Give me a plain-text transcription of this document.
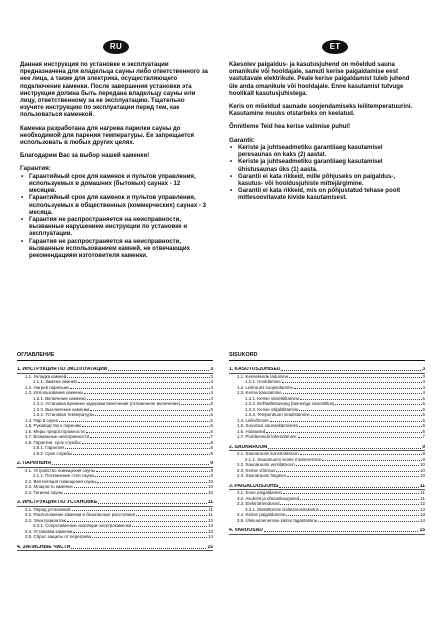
RU	ET

Данная инструкция по установке и эксплуатации предназначена для владельца сауны либо ответственного за нее лица, а также для электрика, осуществляющего подключение каменки. После завершения установки эта инструкция должна быть передана владельцу сауны или лицу, ответственному за ее эксплуатацию. Тщательно изучите инструкцию по эксплуатации перед тем, как пользоваться каменкой.

Каменка разработана для нагрева парилки сауны до необходимой для парения температуры. Ее запрещается использовать в любых других целях.

Благодарим Вас за выбор нашей каменки!

Гарантия:

• Гарантийный срок для каменок и пультов управления, используемых в домашних (бытовых) саунах - 12 месяцев.
• Гарантийный срок для каменок и пультов управления, используемых в общественных (коммерческих) саунах - 3 месяца.
• Гарантия не распространяется на неисправности, вызванные нарушением инструкции по установке и эксплуатации.
• Гарантия не распространяется на неисправности, вызванные использованием камней, не отвечающих рекомендациям изготовителя каменки.

Käesolev paigaldus- ja kasutusjuhend on mõeldud sauna omanikule või hooldajale, samuti kerise paigaldamise eest vastutavale elektrikule. Peale kerise paigaldamist tuleb juhend üle anda omanikule või hooldajale. Enne kasutamist tutvuge hoolikalt kasutusjuhistega.

Keris on mõeldud saunade soojendamiseks leilitemperatuurini. Kasutamine muuks otstarbeks on keelatud.

Õnnitleme Teid hea kerise valimise puhul!

Garantii:

• Keriste ja juhtseadmetiku garantiiaeg kasutamisel peresaunas on kaks (2) aastat.
• Keriste ja juhtseadmetiku garantiiaeg kasutamisel ühistusaunas üks (1) aasta.
• Garantii ei kata rikkeid, mille põhjuseks on paigaldus-, kasutus- või hooldusjuhiste mittejärgimine.
• Garantii ei kata rikkeid, mis on põhjustatud tehase poolt mittesoovitavate kivide kasutamisest.
ОГЛАВЛЕНИЕ
1. ИНСТРУКЦИЯ ПО ЭКСПЛУАТАЦИИ	3
1.1. Укладка камней	3
1.1.1. Замена камней	4
1.2. Нагрев парильни	4
1.3. Использование каменки	4
1.3.1. Включение каменки	4
1.3.2. Установка времени задержки включения (отложенное включение)	5
1.3.3. Выключение каменки	5
1.3.4. Установка температуры	5
1.4. Пар в сауне	5
1.5. Руководство к парению	6
1.6. Меры предосторожности	6
1.7. Возможные неисправности	7
1.8. Гарантия, срок службы	8
1.8.1. Гарантия	8
1.8.2. Срок службы	8
2. ПАРИЛЬНЯ	9
2.1. Устройство помещения сауны	9
2.1.1. Потемнение стен сауны	9
2.2. Вентиляция помещения сауны	10
2.3. Мощность каменки	10
2.4. Гигиена сауны	10
3. ИНСТРУКЦИЯ ПО УСТАНОВКЕ	11
3.1. Перед установкой	11
3.2. Расположение каменки и безопасные расстояния	11
3.3. Электромонтаж	12
3.3.1. Сопротивление изоляции электрокаменки	13
3.4. Установка каменки	13
3.5. Сброс защиты от перегрева	14
4. ЗАПАСНЫЕ ЧАСТИ	15
SISUKORD
1. KASUTUSJUHISED	3
1.1. Kerisekivide ladumine	3
1.1.1. Hooldamine	4
1.2. Leiliruumi soojendamine	4
1.3. Kerise kasutamine	4
1.3.1. Kerise sisselülitamine	5
1.3.2. Eelhäälestusaeg (taimeriga sisselülitus)	5
1.3.3. Kerise väljalülitamine	5
1.3.4. Temperatuuri seadistamine	5
1.4. Leilivõtmine	5
1.5. Soovitusi saunaskäimiseks	6
1.6. Hoiatused	6
1.7. Probleemide lahendamine	7
2. SAUNARUUM	9
2.1. Saunaruumi konstruktsioon	9
2.1.1. Saunaruumi seinte mustenemine	9
2.2. Saunaruumi ventilatsioon	10
2.3. Kerise võimsus	10
2.4. Saunaruumi hügieen	10
3. PAIGALDUSJUHIS	11
3.1. Enne paigaldamist	11
3.2. Asukoht ja ohutuskaugused	11
3.3. Elektriühendused	12
3.3.1. Elektrikerise isolatsioonitakistus	13
3.4. Kerise paigaldamine	13
3.5. Ülekuumenemise kaitse tagastamine	14
4. VARUOSAD	15
